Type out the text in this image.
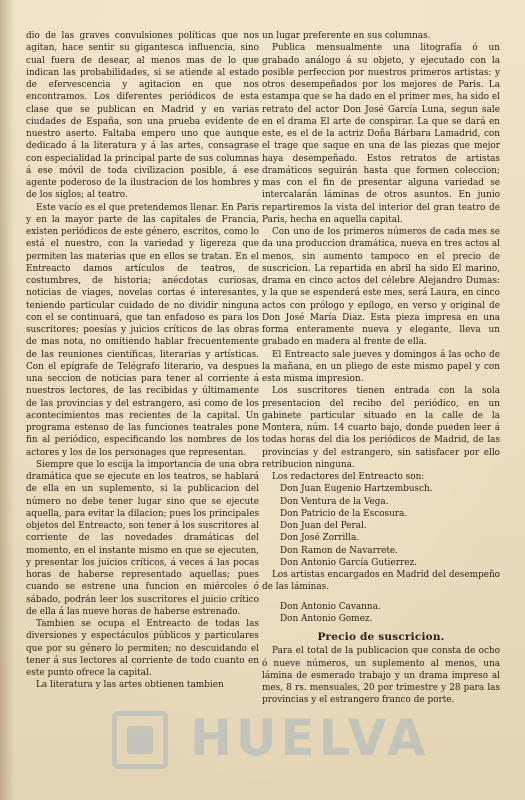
dio de las graves convulsiones políticas que nos agitan, hace sentir su gigantesca influencia, sino cual fuera de desear, al menos mas de lo que indican las probabilidades, si se atiende al estado de efervescencia y agitacion en que nos encontramos. Los diferentes periódicos de esta clase que se publican en Madrid y en varias ciudades de España, son una prueba evidente de nuestro aserto. Faltaba empero uno que aunque dedicado á la literatura y á las artes, consagrase con especialidad la principal parte de sus columnas á ese móvil de toda civilizacion posible, á ese agente poderoso de la ilustracion de los hombres y de los siglos; al teatro.

Este vacío es el que pretendemos llenar. En Paris y en la mayor parte de las capitales de Francia, existen periódicos de este género, escritos, como lo está el nuestro, con la variedad y ligereza que permiten las materias que en ellos se tratan. En el Entreacto damos artículos de teatros, de costumbres, de historia; anécdotas curiosas, noticias de viages, novelas cortas é interesantes, teniendo particular cuidado de no dividir ninguna con el se continuará, que tan enfadoso es para los suscritores; poesías y juicios críticos de las obras de mas nota, no omitiendo hablar frecuentemente de las reuniones científicas, literarias y artísticas. Con el epígrafe de Telégrafo literario, va despues una seccion de noticias para tener al corriente á nuestros lectores, de las recibidas y últimamente de las provincias y del estrangero, asi como de los acontecimientos mas recientes de la capital. Un programa estenso de las funciones teatrales pone fin al periódico, especificando los nombres de los actores y los de los personages que representan.

Siempre que lo escija la importancia de una obra dramática que se ejecute en los teatros, se hablará de ella en un suplemento, si la publicacion del número no debe tener lugar sino que se ejecute aquella, para evitar la dilacion; pues los principales objetos del Entreacto, son tener á los suscritores al corriente de las novedades dramáticas del momento, en el instante mismo en que se ejecuten, y presentar los juicios críticos, á veces á las pocas horas de haberse representado aquellas; pues cuando se estrene una funcion en miércoles ó sábado, podrán leer los suscritores el juicio crítico de ella á las nueve horas de haberse estrenado.

Tambien se ocupa el Entreacto de todas las diversiones y espectáculos públicos y particulares que por su género lo permiten; no descuidando el tener á sus lectores al corriente de todo cuanto en este punto ofrece la capital.

La literatura y las artes obtienen tambien

un lugar preferente en sus columnas.

Publica mensualmente una litografía ó un grabado análogo á su objeto, y ejecutado con la posible perfeccion por nuestros primeros artistas: y otros desempeñados por los mejores de Paris. La estampa que se ha dado en el primer mes, ha sido el retrato del actor Don José García Luna, segun sale en el drama El arte de conspirar. La que se dará en este, es el de la actriz Doña Bárbara Lamadrid, con el trage que saque en una de las piezas que mejor haya desempeñado. Estos retratos de artistas dramáticos seguirán hasta que formen coleccion; mas con el fin de presentar alguna variedad se intercalarán láminas de otros asuntos. En junio repartiremos la vista del interior del gran teatro de Paris, hecha en aquella capital.

Con uno de los primeros números de cada mes se da una produccion dramática, nueva en tres actos al menos, sin aumento tampoco en el precio de suscricion. La repartida en abril ha sido El marino, drama en cinco actos del célebre Alejandro Dumas: y la que se espenderá este mes, será Laura, en cinco actos con prólogo y epílogo, en verso y original de Don José María Diaz. Esta pieza impresa en una forma enteramente nueva y elegante, lleva un grabado en madera al frente de ella.

El Entreacto sale jueves y domingos á las ocho de la mañana, en un pliego de este mismo papel y con esta misma impresion.

Los suscritores tienen entrada con la sola presentacion del recibo del periódico, en un gabinete particular situado en la calle de la Montera, núm. 14 cuarto bajo, donde pueden leer á todas horas del dia los periódicos de Madrid, de las provincias y del estrangero, sin satisfacer por ello retribucion ninguna.

Los redactores del Entreacto son:

Don Juan Eugenio Hartzembusch.
Don Ventura de la Vega.
Don Patricio de la Escosura.
Don Juan del Peral.
Don José Zorrilla.
Don Ramon de Navarrete.
Don Antonio García Gutierrez.

Los artistas encargados en Madrid del desempeño de las láminas.

Don Antonio Cavanna.
Don Antonio Gomez.
Precio de suscricion.

Para el total de la publicacion que consta de ocho ó nueve números, un suplemento al menos, una lámina de esmerado trabajo y un drama impreso al mes, 8 rs. mensuales, 20 por trimestre y 28 para las provincias y el estrangero franco de porte.

HUELVA
